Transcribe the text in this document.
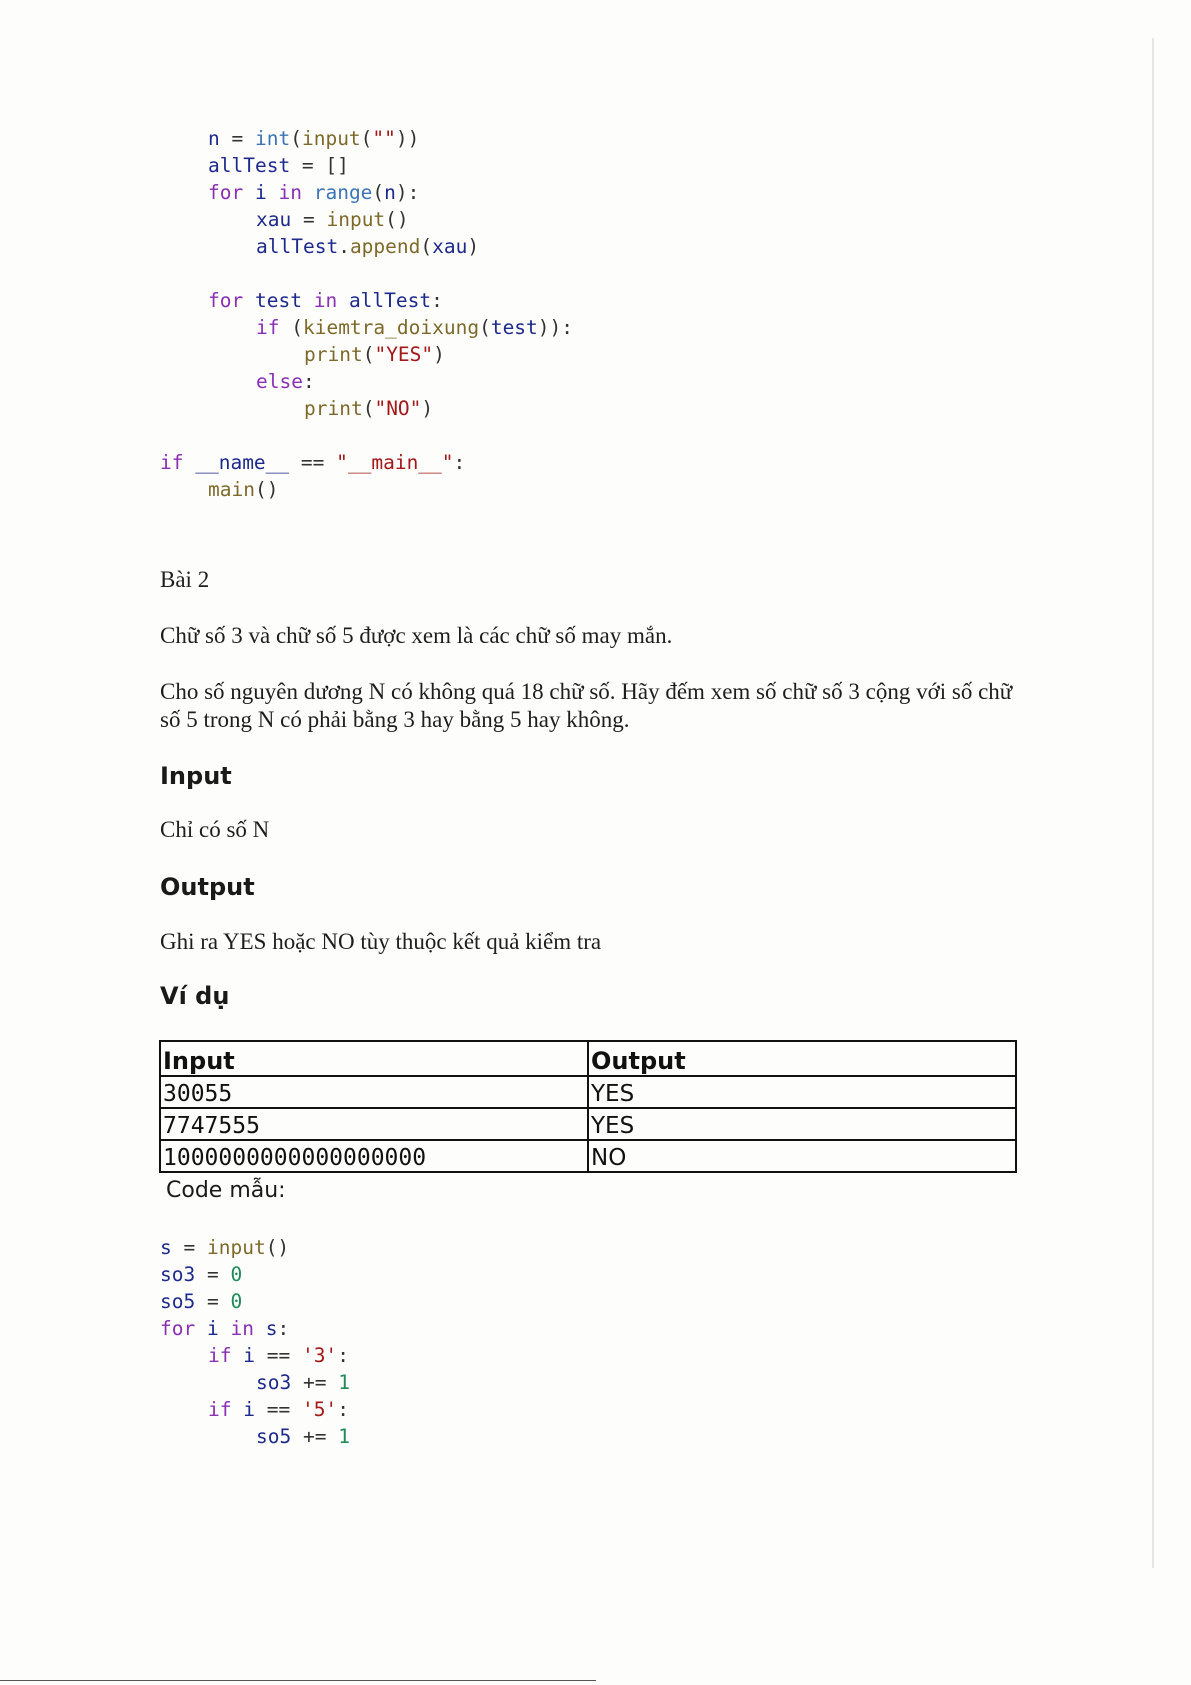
n = int(input(""))
allTest = []
for i in range(n):
xau = input()
allTest.append(xau)
for test in allTest:
if (kiemtra_doixung(test)):
print("YES")
else:
print("NO")
if __name__ == "__main__":
main()

Bài 2

Chữ số 3 và chữ số 5 được xem là các chữ số may mắn.

Cho số nguyên dương N có không quá 18 chữ số. Hãy đếm xem số chữ số 3 cộng với số chữ số 5 trong N có phải bằng 3 hay bằng 5 hay không.

Input

Chỉ có số N

Output

Ghi ra YES hoặc NO tùy thuộc kết quả kiểm tra

Ví dụ
Input	Output
30055	YES
7747555	YES
1000000000000000000	NO

Code mẫu:

s = input()
so3 = 0
so5 = 0
for i in s:
if i == '3':
so3 += 1
if i == '5':
so5 += 1
